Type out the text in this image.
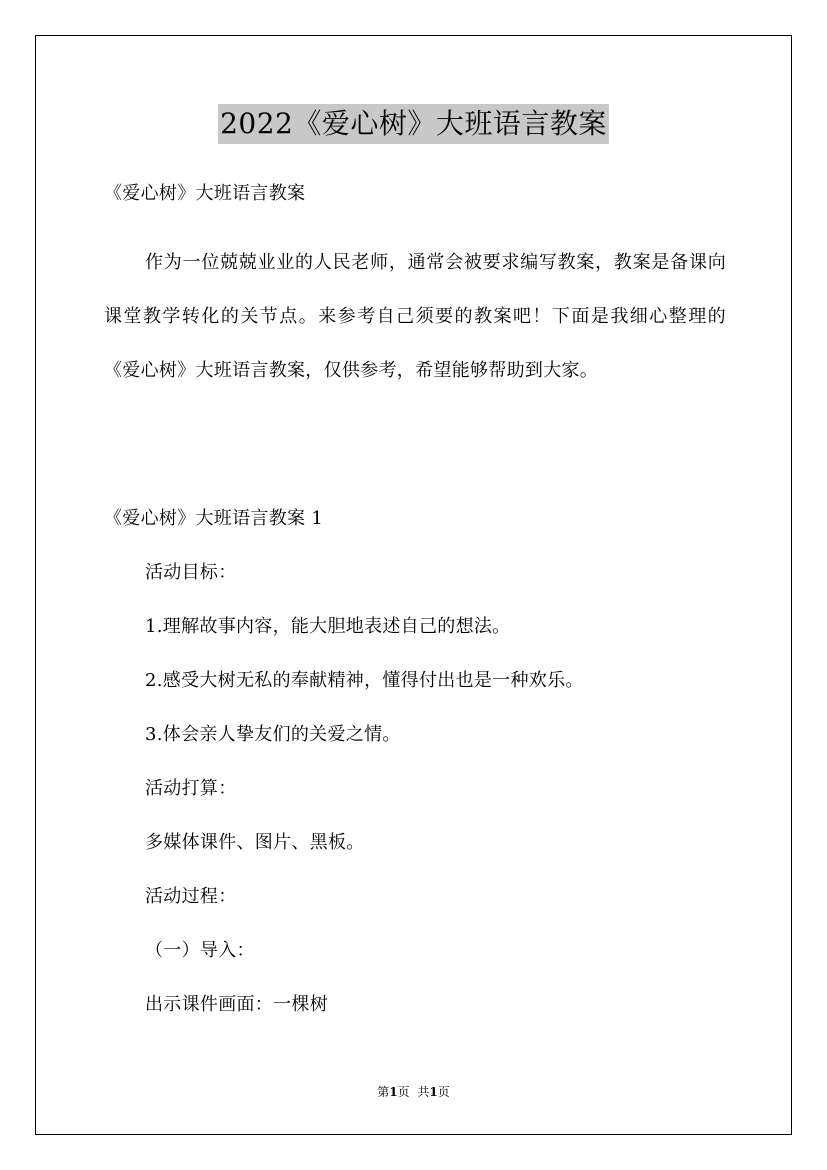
2022《爱心树》大班语言教案
《爱心树》大班语言教案
作为一位兢兢业业的人民老师，通常会被要求编写教案，教案是备课向课堂教学转化的关节点。来参考自己须要的教案吧！下面是我细心整理的《爱心树》大班语言教案，仅供参考，希望能够帮助到大家。
《爱心树》大班语言教案 1
活动目标：
1.理解故事内容，能大胆地表述自己的想法。
2.感受大树无私的奉献精神，懂得付出也是一种欢乐。
3.体会亲人挚友们的关爱之情。
活动打算：
多媒体课件、图片、黑板。
活动过程：
（一）导入：
出示课件画面：一棵树
第1页 共1页
